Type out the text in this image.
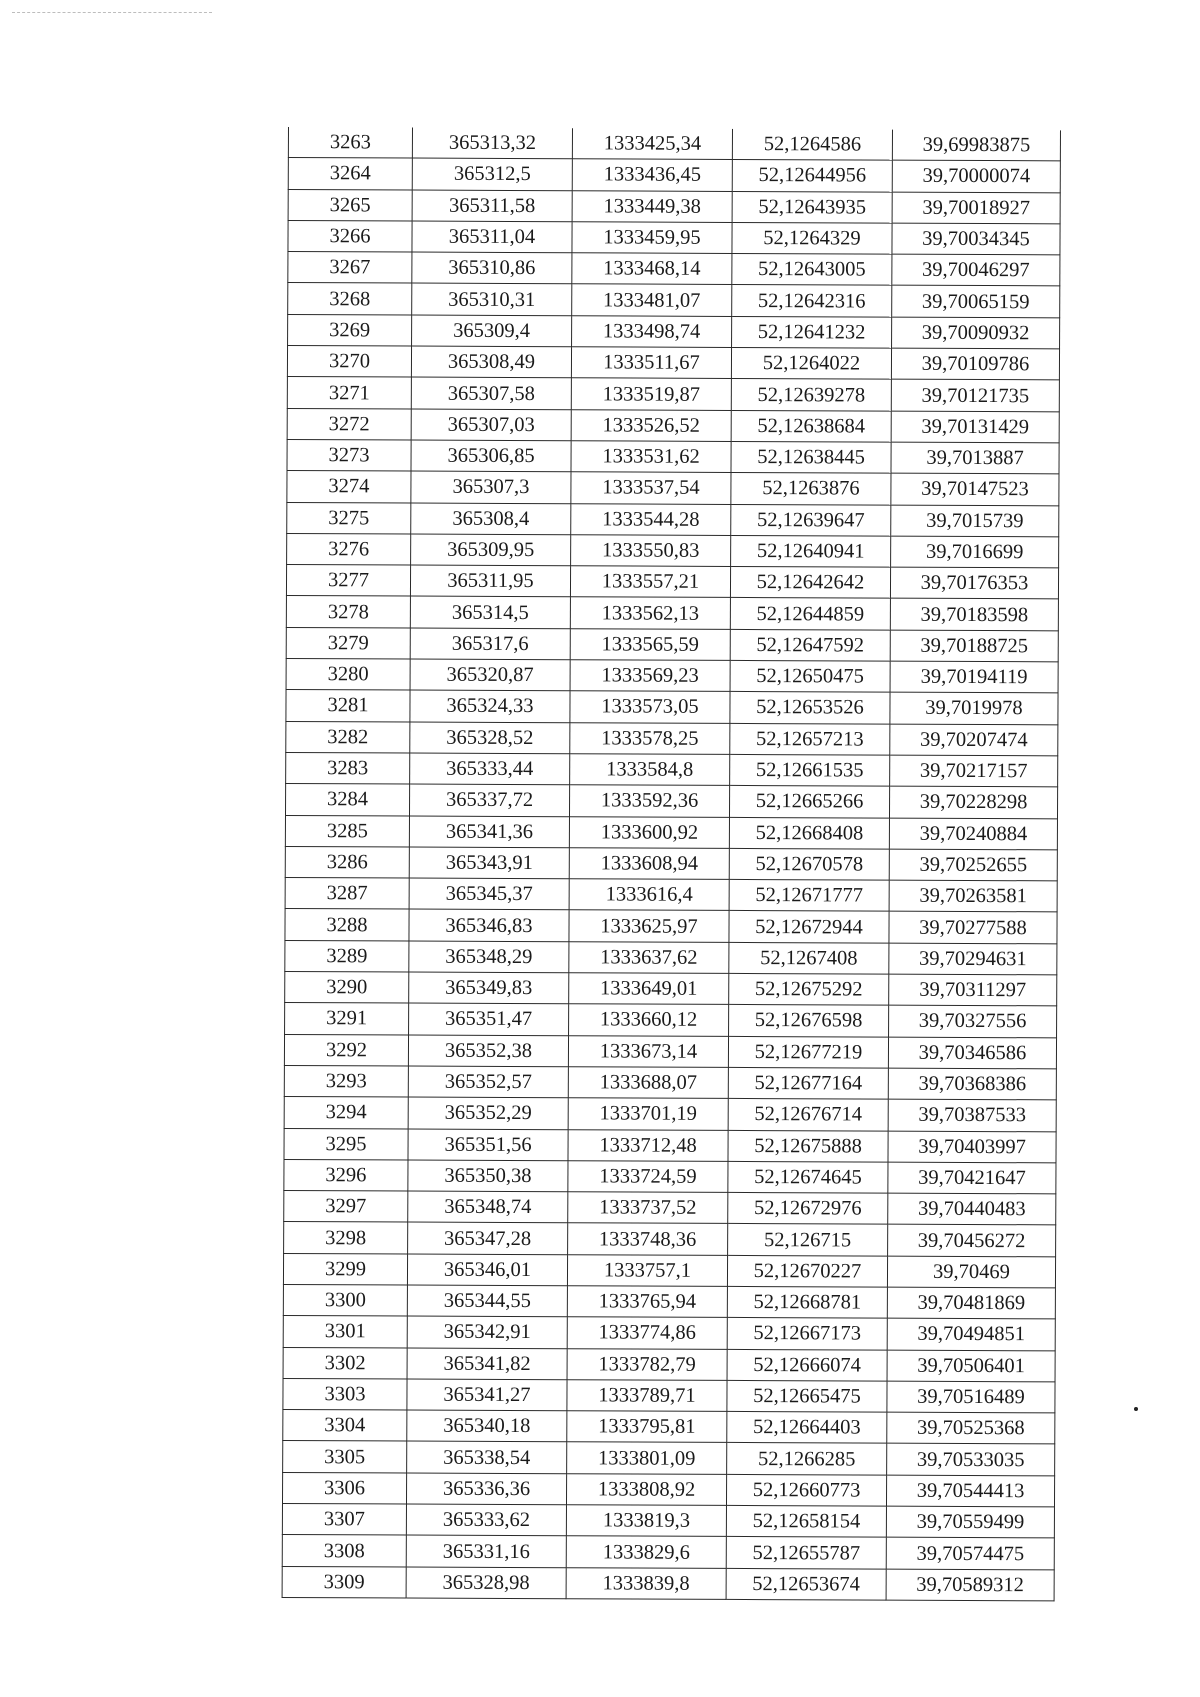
3263	365313,32	1333425,34	52,1264586	39,69983875
3264	365312,5	1333436,45	52,12644956	39,70000074
3265	365311,58	1333449,38	52,12643935	39,70018927
3266	365311,04	1333459,95	52,1264329	39,70034345
3267	365310,86	1333468,14	52,12643005	39,70046297
3268	365310,31	1333481,07	52,12642316	39,70065159
3269	365309,4	1333498,74	52,12641232	39,70090932
3270	365308,49	1333511,67	52,1264022	39,70109786
3271	365307,58	1333519,87	52,12639278	39,70121735
3272	365307,03	1333526,52	52,12638684	39,70131429
3273	365306,85	1333531,62	52,12638445	39,7013887
3274	365307,3	1333537,54	52,1263876	39,70147523
3275	365308,4	1333544,28	52,12639647	39,7015739
3276	365309,95	1333550,83	52,12640941	39,7016699
3277	365311,95	1333557,21	52,12642642	39,70176353
3278	365314,5	1333562,13	52,12644859	39,70183598
3279	365317,6	1333565,59	52,12647592	39,70188725
3280	365320,87	1333569,23	52,12650475	39,70194119
3281	365324,33	1333573,05	52,12653526	39,7019978
3282	365328,52	1333578,25	52,12657213	39,70207474
3283	365333,44	1333584,8	52,12661535	39,70217157
3284	365337,72	1333592,36	52,12665266	39,70228298
3285	365341,36	1333600,92	52,12668408	39,70240884
3286	365343,91	1333608,94	52,12670578	39,70252655
3287	365345,37	1333616,4	52,12671777	39,70263581
3288	365346,83	1333625,97	52,12672944	39,70277588
3289	365348,29	1333637,62	52,1267408	39,70294631
3290	365349,83	1333649,01	52,12675292	39,70311297
3291	365351,47	1333660,12	52,12676598	39,70327556
3292	365352,38	1333673,14	52,12677219	39,70346586
3293	365352,57	1333688,07	52,12677164	39,70368386
3294	365352,29	1333701,19	52,12676714	39,70387533
3295	365351,56	1333712,48	52,12675888	39,70403997
3296	365350,38	1333724,59	52,12674645	39,70421647
3297	365348,74	1333737,52	52,12672976	39,70440483
3298	365347,28	1333748,36	52,126715	39,70456272
3299	365346,01	1333757,1	52,12670227	39,70469
3300	365344,55	1333765,94	52,12668781	39,70481869
3301	365342,91	1333774,86	52,12667173	39,70494851
3302	365341,82	1333782,79	52,12666074	39,70506401
3303	365341,27	1333789,71	52,12665475	39,70516489
3304	365340,18	1333795,81	52,12664403	39,70525368
3305	365338,54	1333801,09	52,1266285	39,70533035
3306	365336,36	1333808,92	52,12660773	39,70544413
3307	365333,62	1333819,3	52,12658154	39,70559499
3308	365331,16	1333829,6	52,12655787	39,70574475
3309	365328,98	1333839,8	52,12653674	39,70589312
